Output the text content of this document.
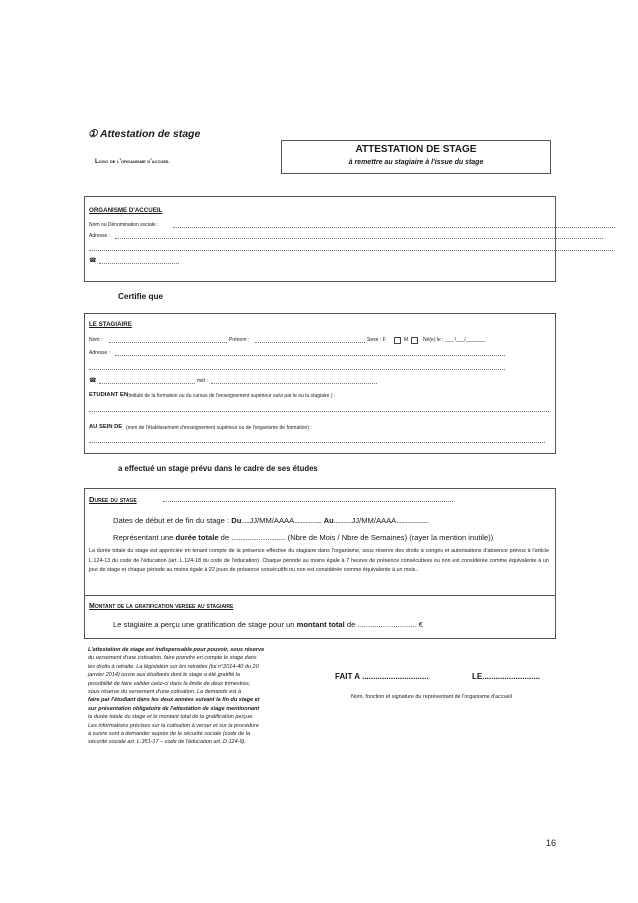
① Attestation de stage
Logo de l'organisme d'accueil
ATTESTATION DE STAGE
à remettre au stagiaire à l'issue du stage
ORGANISME D'ACCUEIL
Nom ou Dénomination sociale :
Adresse :
☎
Certifie que
LE STAGIAIRE
Nom :	Prénom :	Sexe : F	M	Né(e) le : ___ /___/_______
Adresse :
☎	mél :
ETUDIANT EN (intitulé de la formation ou du cursus de l'enseignement supérieur suivi par le ou la stagiaire ) :
AU SEIN DE (nom de l'établissement d'enseignement supérieur ou de l'organisme de formation) :
a effectué un stage prévu dans le cadre de ses études
Duree du stage
Dates de début et de fin du stage : Du.....JJ/MM/AAAA................. Au...........JJ/MM/AAAA....................
Représentant une durée totale de .............................. (Nbre de Mois / Nbre de Semaines) (rayer la mention inutile))
La durée totale du stage est appréciée en tenant compte de la présence effective du stagiaire dans l'organisme, sous réserve des droits à congés et autorisations d'absence prévus à l'article L.124-13 du code de l'éducation (art. L.124-18 du code de l'éducation). Chaque période au moins égale à 7 heures de présence consécutives ou non est considérée comme équivalente à un jour de stage et chaque période au moins égale à 22 jours de présence consécutifs ou non est considérée comme équivalente à un mois..
Montant de la gratification versee au stagiaire
Le stagiaire a perçu une gratification de stage pour un montant total de ............................ €
L'attestation de stage est indispensable pour pouvoir, sous réserve
du versement d'une cotisation, faire prendre en compte le stage dans
les droits à retraite. La législation sur les retraites (loi n°2014-40 du 20
janvier 2014) ouvre aux étudiants dont le stage a été gratifié la
possibilité de faire valider celui-ci dans la limite de deux trimestres,
sous réserve du versement d'une cotisation. La demande est à
faire par l'étudiant dans les deux années suivant la fin du stage et
sur présentation obligatoire de l'attestation de stage mentionnant
la durée totale du stage et le montant total de la gratification perçue.
Les informations précises sur la cotisation à verser et sur la procédure
à suivre sont à demander auprès de la sécurité sociale (code de la
sécurité sociale art. L.351-17 – code de l'éducation art..D.124-9).
FAIT A ..............................	LE..........................
Nom, fonction et signature du représentant de l'organisme d'accueil
16
